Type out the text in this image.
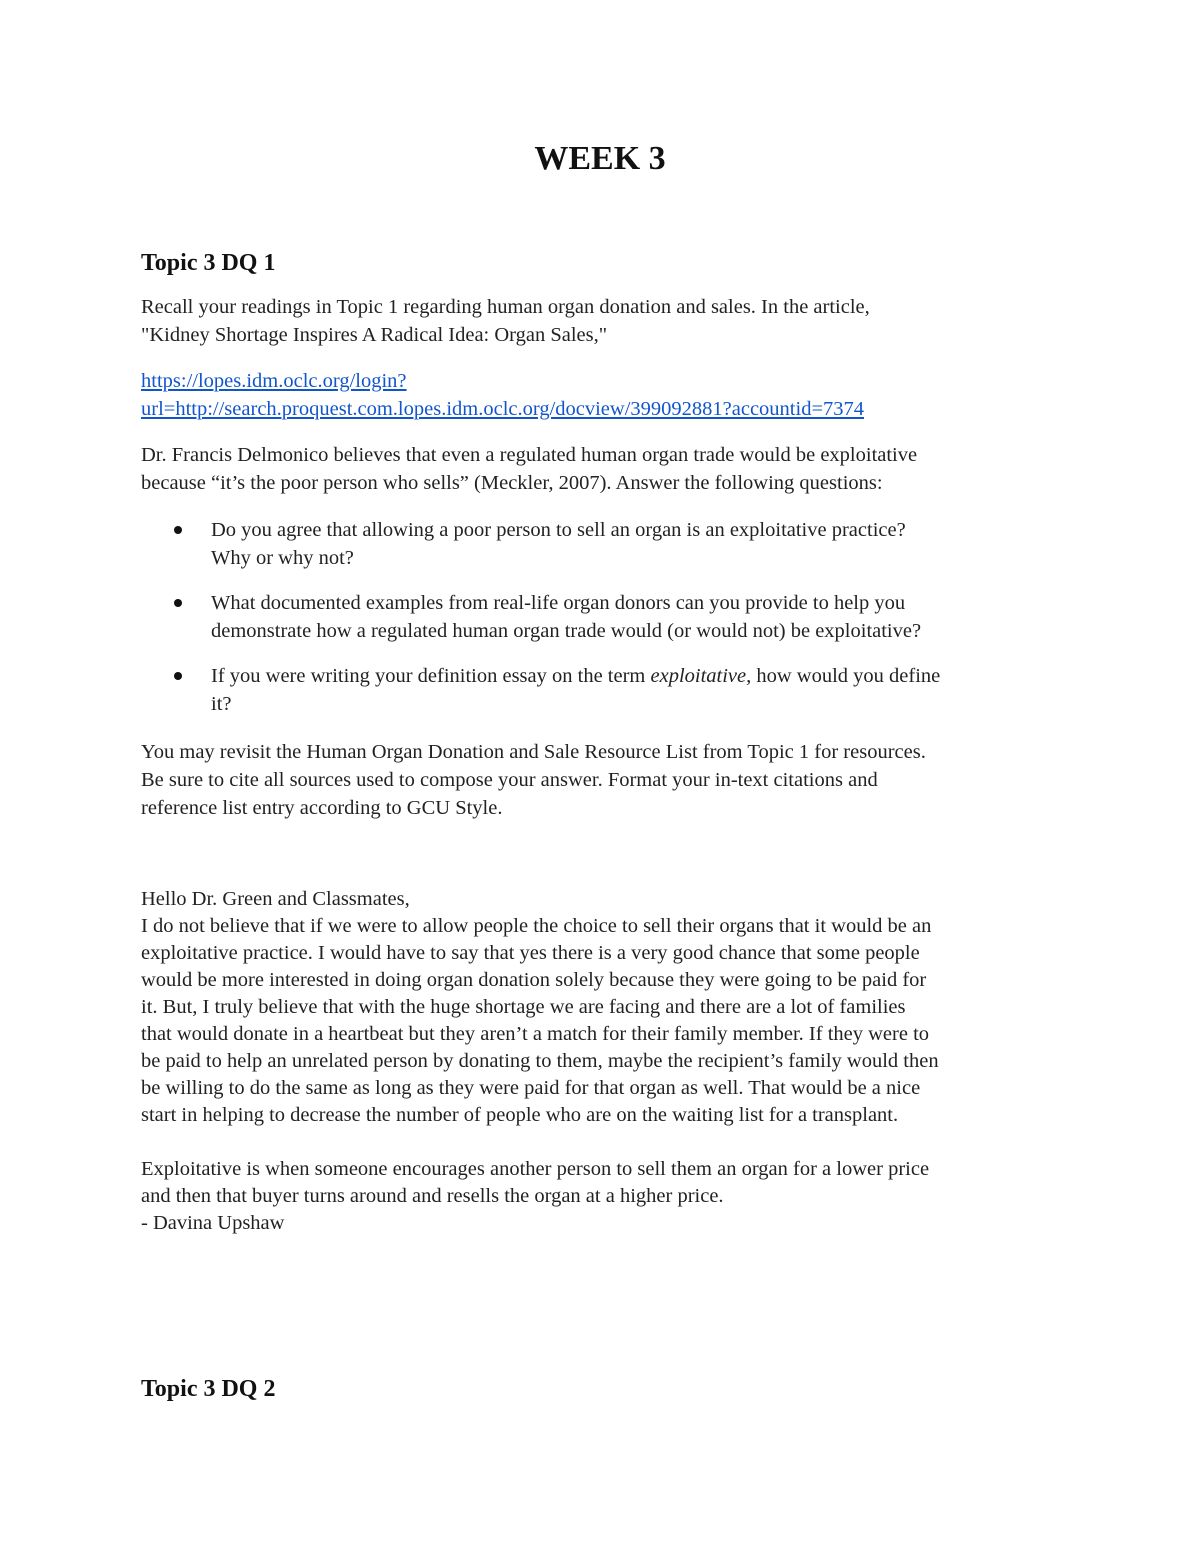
WEEK 3
Topic 3 DQ 1
Recall your readings in Topic 1 regarding human organ donation and sales. In the article,
"Kidney Shortage Inspires A Radical Idea: Organ Sales,"
https://lopes.idm.oclc.org/login?
url=http://search.proquest.com.lopes.idm.oclc.org/docview/399092881?accountid=7374
Dr. Francis Delmonico believes that even a regulated human organ trade would be exploitative
because “it’s the poor person who sells” (Meckler, 2007). Answer the following questions:
Do you agree that allowing a poor person to sell an organ is an exploitative practice?
Why or why not?
What documented examples from real-life organ donors can you provide to help you
demonstrate how a regulated human organ trade would (or would not) be exploitative?
If you were writing your definition essay on the term exploitative, how would you define
it?
You may revisit the Human Organ Donation and Sale Resource List from Topic 1 for resources.
Be sure to cite all sources used to compose your answer. Format your in-text citations and
reference list entry according to GCU Style.
Hello Dr. Green and Classmates,
I do not believe that if we were to allow people the choice to sell their organs that it would be an
exploitative practice. I would have to say that yes there is a very good chance that some people
would be more interested in doing organ donation solely because they were going to be paid for
it. But, I truly believe that with the huge shortage we are facing and there are a lot of families
that would donate in a heartbeat but they aren’t a match for their family member. If they were to
be paid to help an unrelated person by donating to them, maybe the recipient’s family would then
be willing to do the same as long as they were paid for that organ as well. That would be a nice
start in helping to decrease the number of people who are on the waiting list for a transplant.
Exploitative is when someone encourages another person to sell them an organ for a lower price
and then that buyer turns around and resells the organ at a higher price.
- Davina Upshaw
Topic 3 DQ 2
